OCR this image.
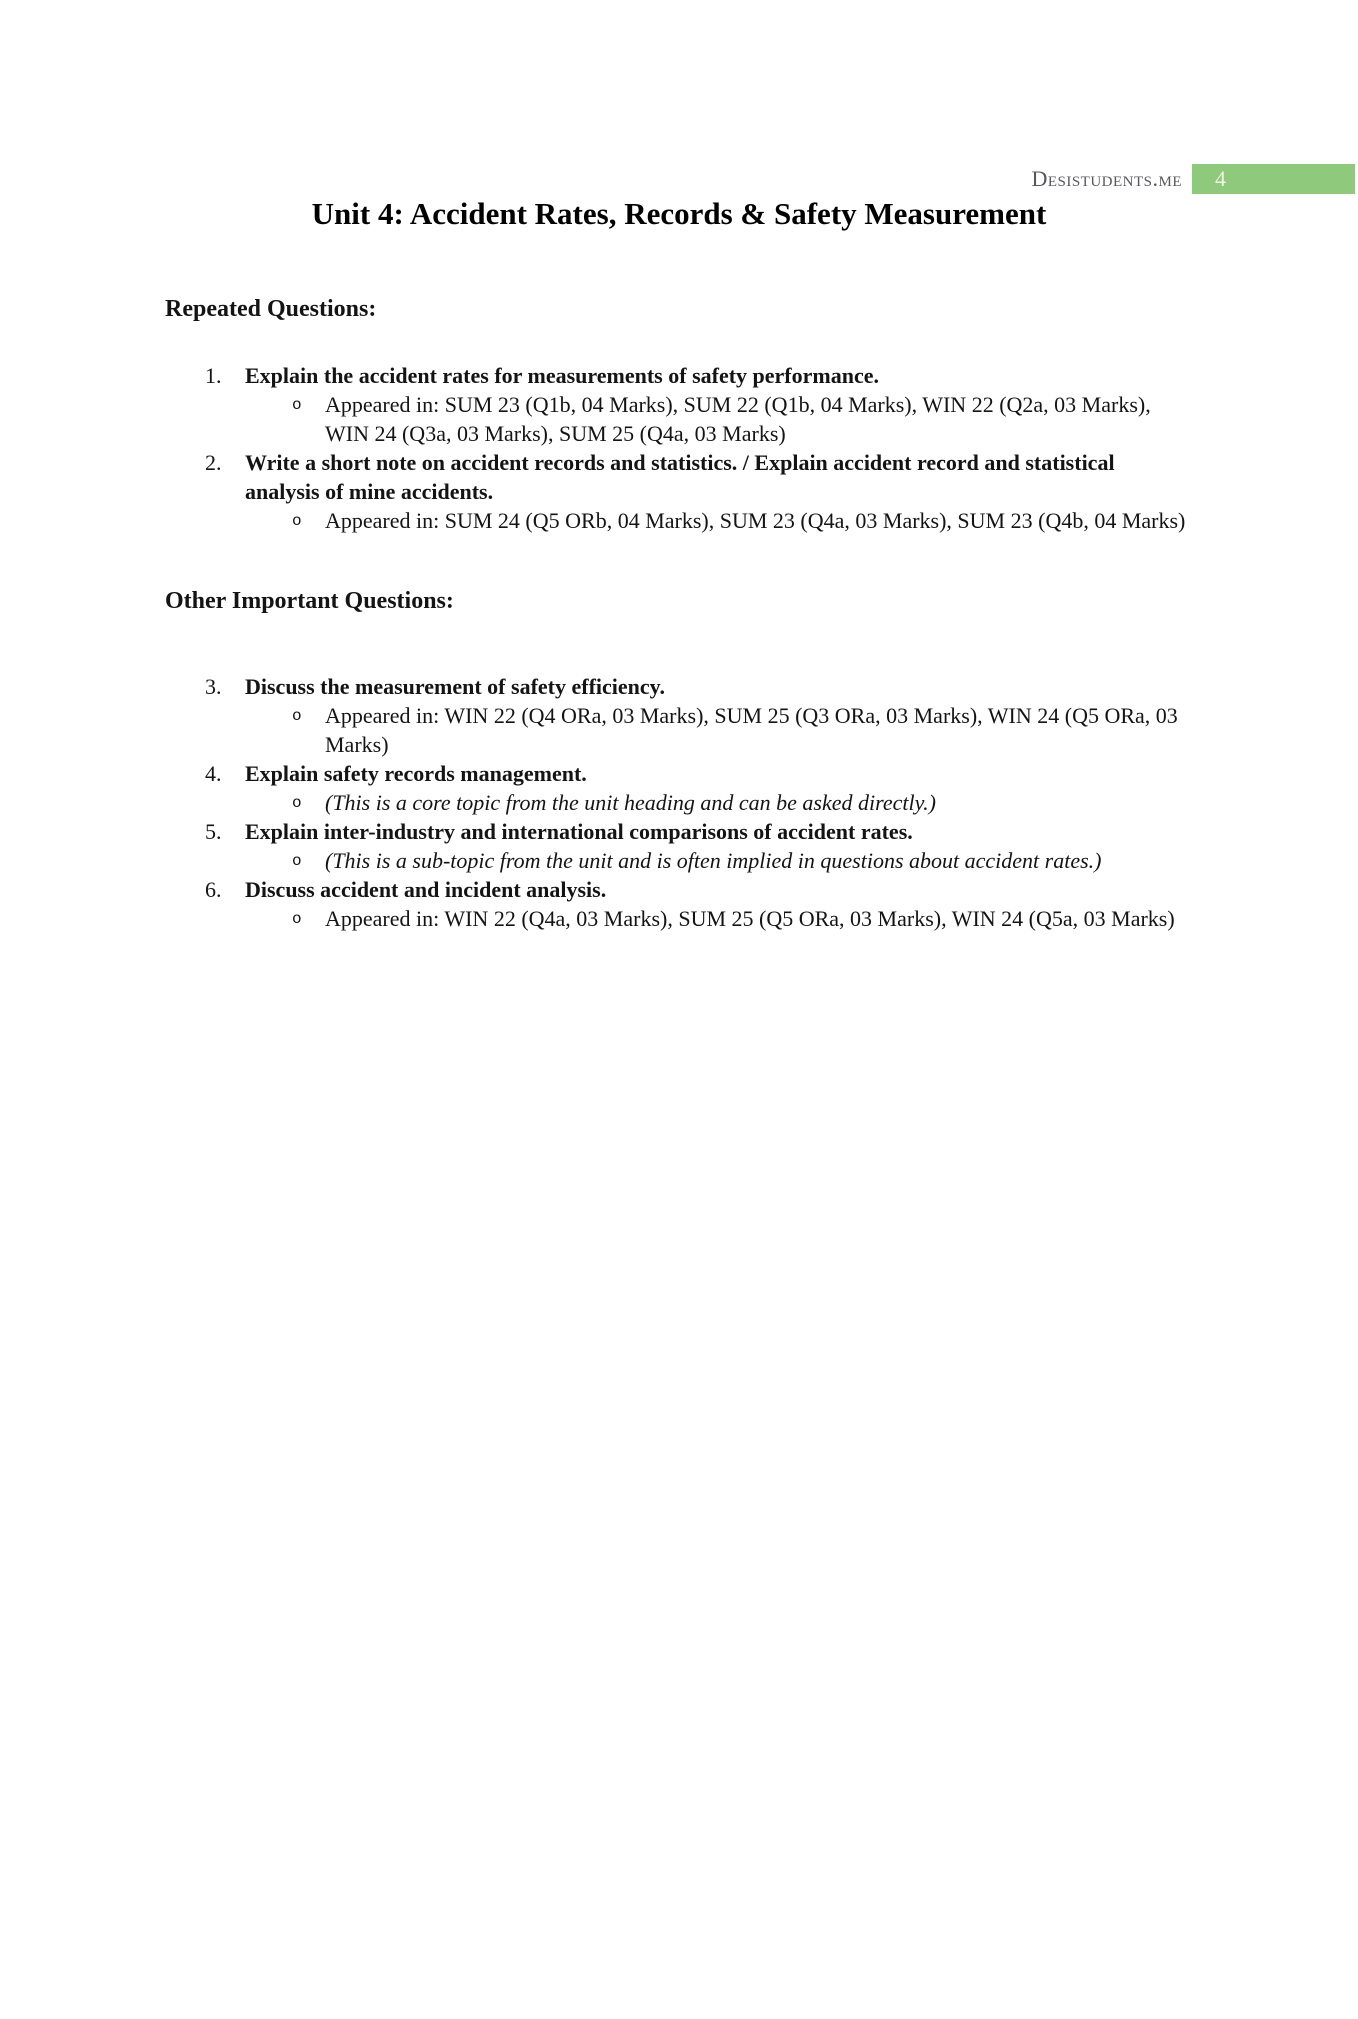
Desistudents.me	4
Unit 4: Accident Rates, Records & Safety Measurement
Repeated Questions:
1.	Explain the accident rates for measurements of safety performance.
o Appeared in: SUM 23 (Q1b, 04 Marks), SUM 22 (Q1b, 04 Marks), WIN 22 (Q2a, 03 Marks), WIN 24 (Q3a, 03 Marks), SUM 25 (Q4a, 03 Marks)
2.	Write a short note on accident records and statistics. / Explain accident record and statistical analysis of mine accidents.
o Appeared in: SUM 24 (Q5 ORb, 04 Marks), SUM 23 (Q4a, 03 Marks), SUM 23 (Q4b, 04 Marks)
Other Important Questions:
3.	Discuss the measurement of safety efficiency.
o Appeared in: WIN 22 (Q4 ORa, 03 Marks), SUM 25 (Q3 ORa, 03 Marks), WIN 24 (Q5 ORa, 03 Marks)
4.	Explain safety records management.
o (This is a core topic from the unit heading and can be asked directly.)
5.	Explain inter-industry and international comparisons of accident rates.
o (This is a sub-topic from the unit and is often implied in questions about accident rates.)
6.	Discuss accident and incident analysis.
o Appeared in: WIN 22 (Q4a, 03 Marks), SUM 25 (Q5 ORa, 03 Marks), WIN 24 (Q5a, 03 Marks)
